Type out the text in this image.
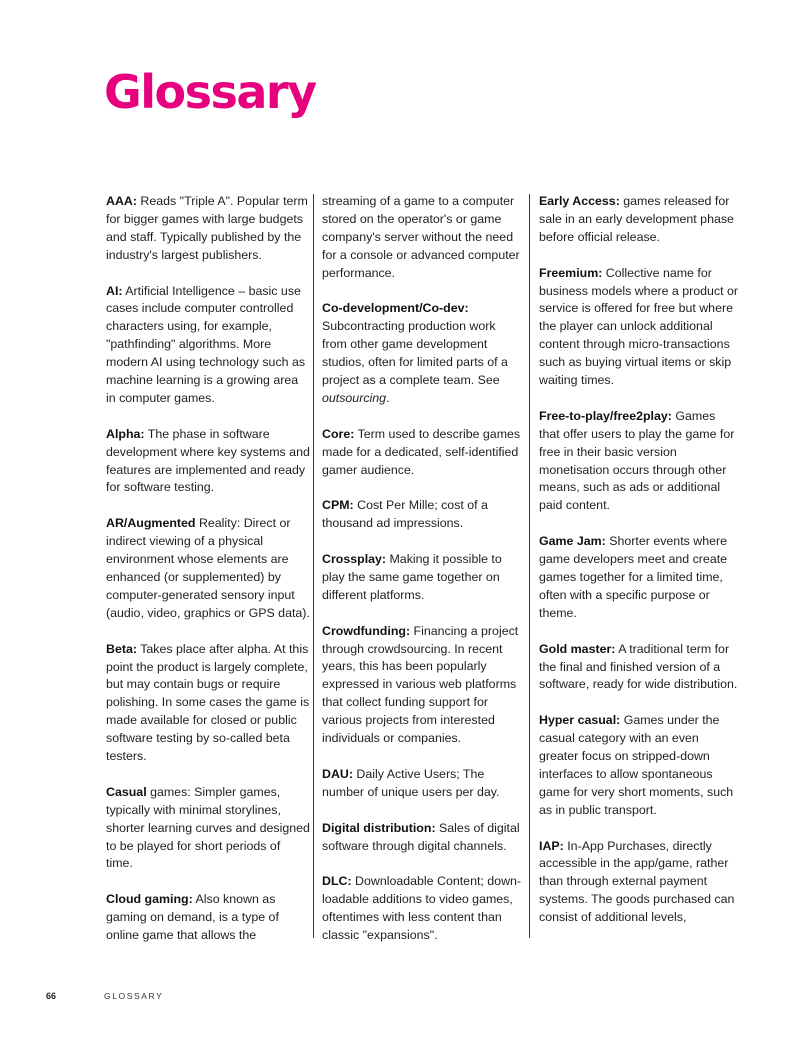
Glossary

AAA: Reads "Triple A". Popular term for bigger games with large budgets and staff. Typically published by the industry's largest publishers.

AI: Artificial Intelligence – basic use cases include computer controlled characters using, for example, "pathfinding" algorithms. More modern AI using technology such as machine learning is a growing area in computer games.

Alpha: The phase in software development where key systems and features are implemented and ready for software testing.

AR/Augmented Reality: Direct or indirect viewing of a physical environment whose elements are enhanced (or supplemented) by computer-generated sensory input (audio, video, graphics or GPS data).

Beta: Takes place after alpha. At this point the product is largely complete, but may contain bugs or require polishing. In some cases the game is made available for closed or public software testing by so-called beta testers.

Casual games: Simpler games, typically with minimal storylines, shorter learning curves and designed to be played for short periods of time.

Cloud gaming: Also known as gaming on demand, is a type of online game that allows the

streaming of a game to a computer stored on the operator's or game company's server without the need for a console or advanced computer performance.

Co-development/Co-dev: Subcontracting production work from other game development studios, often for limited parts of a project as a complete team. See outsourcing.

Core: Term used to describe games made for a dedicated, self-identified gamer audience.

CPM: Cost Per Mille; cost of a thousand ad impressions.

Crossplay: Making it possible to play the same game together on different platforms.

Crowdfunding: Financing a project through crowdsourcing. In recent years, this has been popularly expressed in various web platforms that collect funding support for various projects from interested individuals or companies.

DAU: Daily Active Users; The number of unique users per day.

Digital distribution: Sales of digital software through digital channels.

DLC: Downloadable Content; down-loadable additions to video games, oftentimes with less content than classic "expansions".

Early Access: games released for sale in an early development phase before official release.

Freemium: Collective name for business models where a product or service is offered for free but where the player can unlock additional content through micro-transactions such as buying virtual items or skip waiting times.

Free-to-play/free2play: Games that offer users to play the game for free in their basic version monetisation occurs through other means, such as ads or additional paid content.

Game Jam: Shorter events where game developers meet and create games together for a limited time, often with a specific purpose or theme.

Gold master: A traditional term for the final and finished version of a software, ready for wide distribution.

Hyper casual: Games under the casual category with an even greater focus on stripped-down interfaces to allow spontaneous game for very short moments, such as in public transport.

IAP: In-App Purchases, directly accessible in the app/game, rather than through external payment systems. The goods purchased can consist of additional levels,

66	GLOSSARY
